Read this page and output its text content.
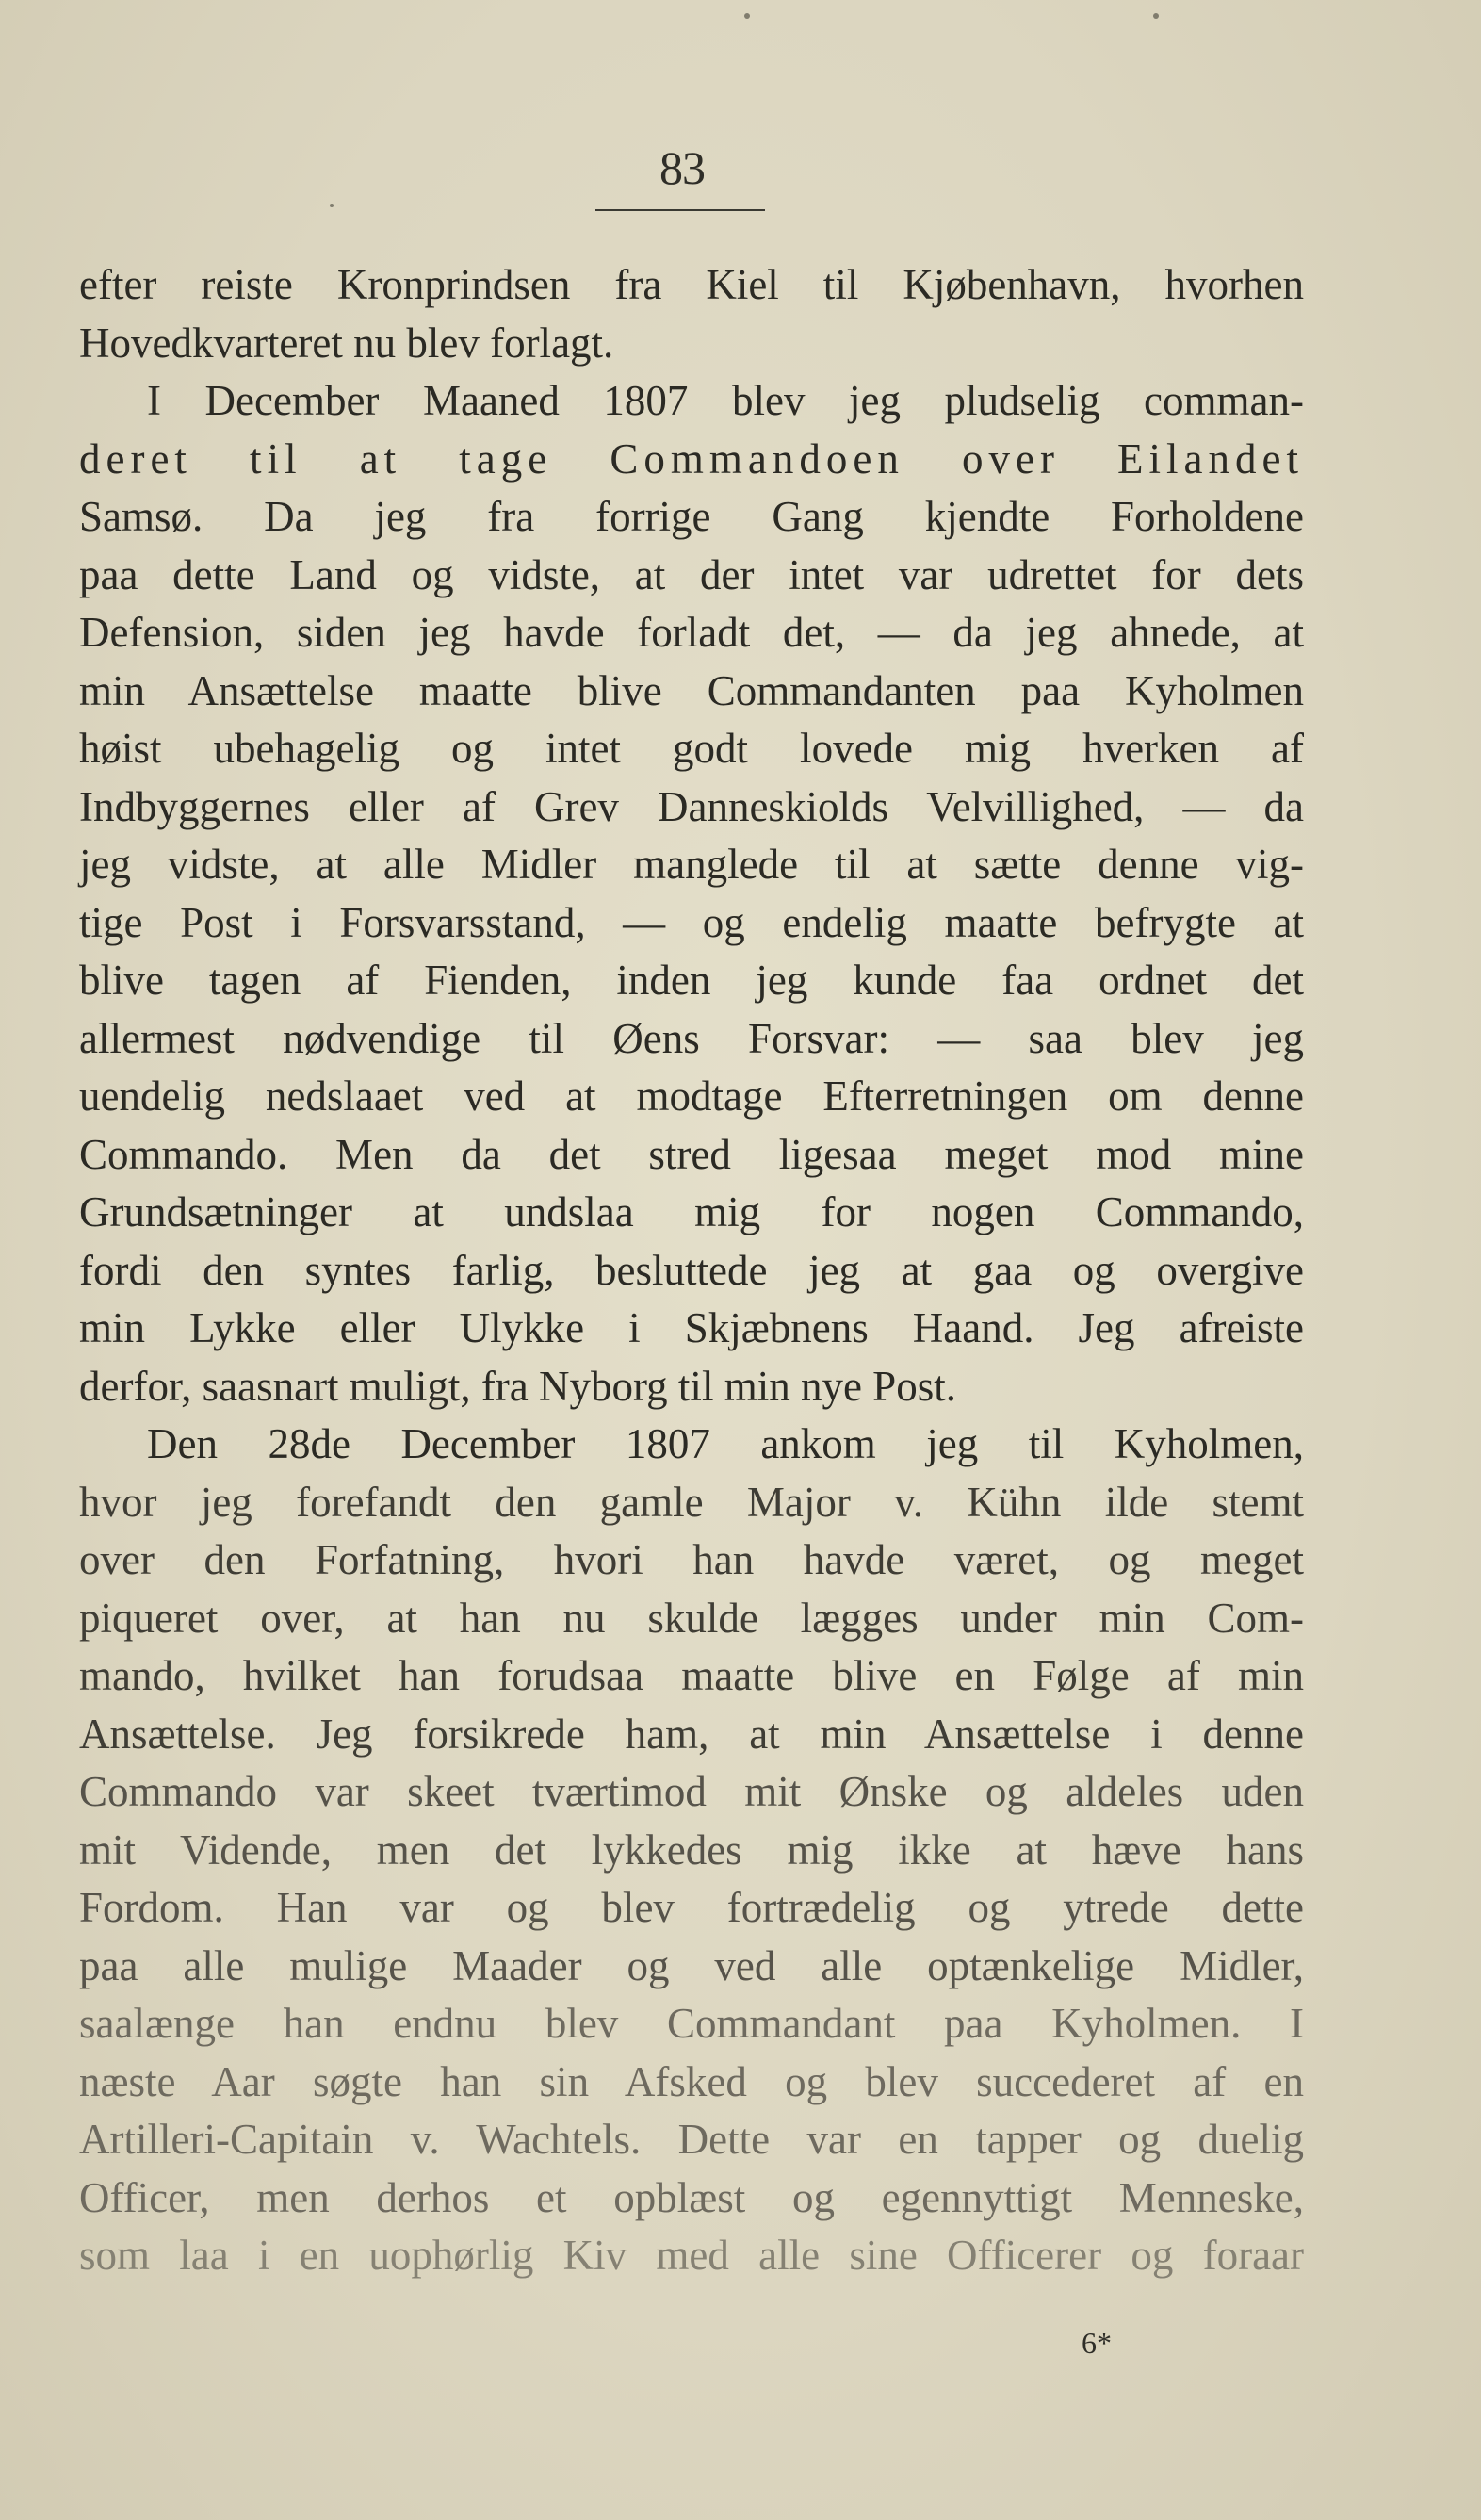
83
efter reiste Kronprindsen fra Kiel til Kjøbenhavn, hvorhen
Hovedkvarteret nu blev forlagt.
I December Maaned 1807 blev jeg pludselig comman-
deret til at tage Commandoen over Eilandet
Samsø. Da jeg fra forrige Gang kjendte Forholdene
paa dette Land og vidste, at der intet var udrettet for dets
Defension, siden jeg havde forladt det, — da jeg ahnede, at
min Ansættelse maatte blive Commandanten paa Kyholmen
høist ubehagelig og intet godt lovede mig hverken af
Indbyggernes eller af Grev Danneskiolds Velvillighed, — da
jeg vidste, at alle Midler manglede til at sætte denne vig-
tige Post i Forsvarsstand, — og endelig maatte befrygte at
blive tagen af Fienden, inden jeg kunde faa ordnet det
allermest nødvendige til Øens Forsvar: — saa blev jeg
uendelig nedslaaet ved at modtage Efterretningen om denne
Commando. Men da det stred ligesaa meget mod mine
Grundsætninger at undslaa mig for nogen Commando,
fordi den syntes farlig, besluttede jeg at gaa og overgive
min Lykke eller Ulykke i Skjæbnens Haand. Jeg afreiste
derfor, saasnart muligt, fra Nyborg til min nye Post.
Den 28de December 1807 ankom jeg til Kyholmen,
hvor jeg forefandt den gamle Major v. Kühn ilde stemt
over den Forfatning, hvori han havde været, og meget
piqueret over, at han nu skulde lægges under min Com-
mando, hvilket han forudsaa maatte blive en Følge af min
Ansættelse. Jeg forsikrede ham, at min Ansættelse i denne
Commando var skeet tværtimod mit Ønske og aldeles uden
mit Vidende, men det lykkedes mig ikke at hæve hans
Fordom. Han var og blev fortrædelig og ytrede dette
paa alle mulige Maader og ved alle optænkelige Midler,
saalænge han endnu blev Commandant paa Kyholmen. I
næste Aar søgte han sin Afsked og blev succederet af en
Artilleri-Capitain v. Wachtels. Dette var en tapper og duelig
Officer, men derhos et opblæst og egennyttigt Menneske,
som laa i en uophørlig Kiv med alle sine Officerer og foraar
6*
